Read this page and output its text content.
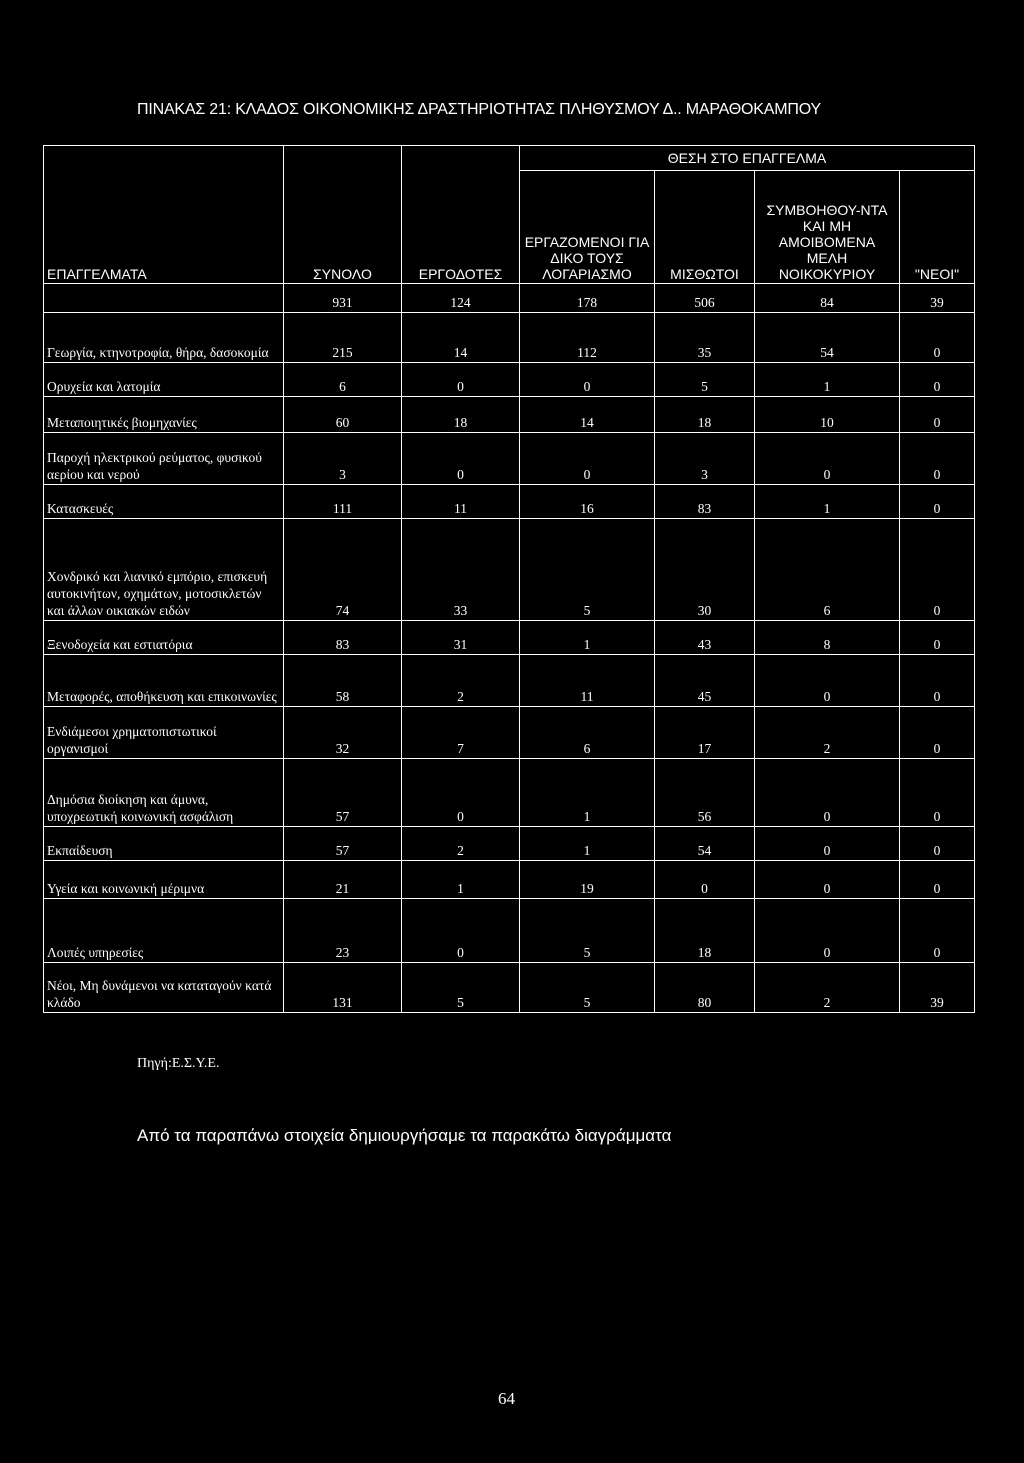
ΠΙΝΑΚΑΣ 21: ΚΛΑΔΟΣ ΟΙΚΟΝΟΜΙΚΗΣ ΔΡΑΣΤΗΡΙΟΤΗΤΑΣ ΠΛΗΘΥΣΜΟΥ Δ.. ΜΑΡΑΘΟΚΑΜΠΟΥ
ΕΠΑΓΓΕΛΜΑΤΑ	ΣΥΝΟΛΟ	ΕΡΓΟΔΟΤΕΣ	ΘΕΣΗ ΣΤΟ ΕΠΑΓΓΕΛΜΑ			
			ΕΡΓΑΖΟΜΕΝΟΙ ΓΙΑ ΔΙΚΟ ΤΟΥΣ ΛΟΓΑΡΙΑΣΜΟ	ΜΙΣΘΩΤΟΙ	ΣΥΜΒΟΗΘΟΥ-ΝΤΑ ΚΑΙ ΜΗ ΑΜΟΙΒΟΜΕΝΑ ΜΕΛΗ ΝΟΙΚΟΚΥΡΙΟΥ	"ΝΕΟΙ"
	931	124	178	506	84	39
Γεωργία, κτηνοτροφία, θήρα, δασοκομία	215	14	112	35	54	0
Ορυχεία και λατομία	6	0	0	5	1	0
Μεταποιητικές βιομηχανίες	60	18	14	18	10	0
Παροχή ηλεκτρικού ρεύματος, φυσικού αερίου και νερού	3	0	0	3	0	0
Κατασκευές	111	11	16	83	1	0
Χονδρικό και λιανικό εμπόριο, επισκευή αυτοκινήτων, οχημάτων, μοτοσικλετών και άλλων οικιακών ειδών	74	33	5	30	6	0
Ξενοδοχεία και εστιατόρια	83	31	1	43	8	0
Μεταφορές, αποθήκευση και επικοινωνίες	58	2	11	45	0	0
Ενδιάμεσοι χρηματοπιστωτικοί οργανισμοί	32	7	6	17	2	0
Δημόσια διοίκηση και άμυνα, υποχρεωτική κοινωνική ασφάλιση	57	0	1	56	0	0
Εκπαίδευση	57	2	1	54	0	0
Υγεία και κοινωνική μέριμνα	21	1	19	0	0	0
Λοιπές υπηρεσίες	23	0	5	18	0	0
Νέοι, Μη δυνάμενοι να καταταγούν κατά κλάδο	131	5	5	80	2	39
Πηγή:Ε.Σ.Υ.Ε.
Από τα παραπάνω στοιχεία δημιουργήσαμε τα παρακάτω διαγράμματα
64
